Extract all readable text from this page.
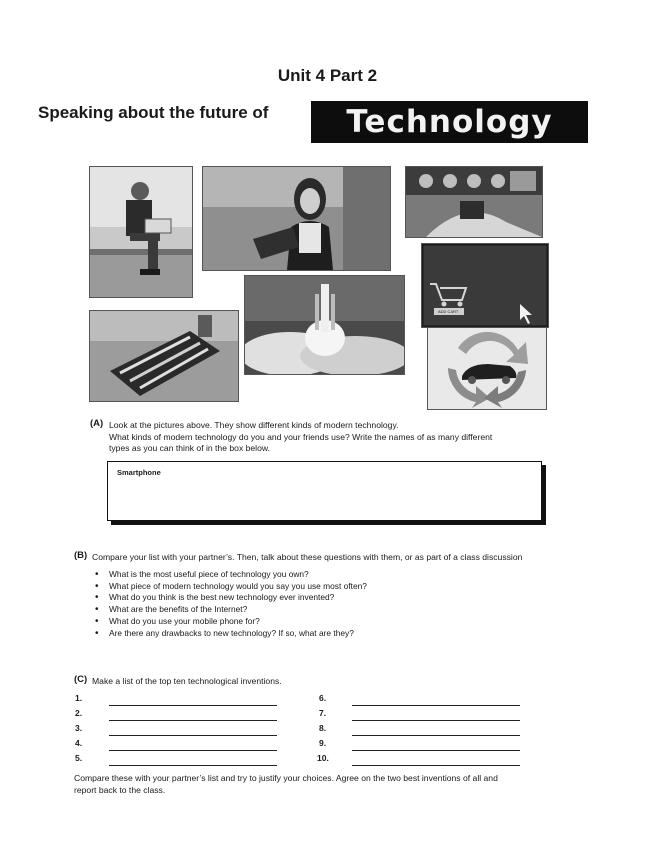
Unit 4 Part 2
Speaking about the future of	Technology
ADD CART
(A) Look at the pictures above. They show different kinds of modern technology.
What kinds of modern technology do you and your friends use? Write the names of as many different
types as you can think of in the box below.
Smartphone
(B) Compare your list with your partner’s. Then, talk about these questions with them, or as part of a class discussion
• What is the most useful piece of technology you own?
• What piece of modern technology would you say you use most often?
• What do you think is the best new technology ever invented?
• What are the benefits of the Internet?
• What do you use your mobile phone for?
• Are there any drawbacks to new technology? If so, what are they?
(C) Make a list of the top ten technological inventions.
1.
2.
3.
4.
5.
6.
7.
8.
9.
10.
Compare these with your partner’s list and try to justify your choices. Agree on the two best inventions of all and
report back to the class.
